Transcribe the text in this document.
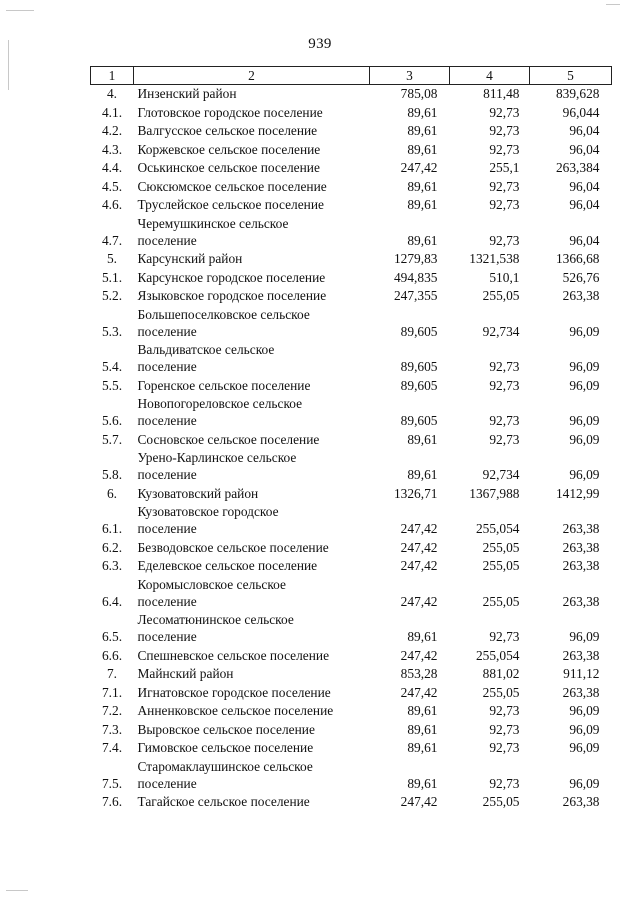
939
1	2	3	4	5
4.	Инзенский район	785,08	811,48	839,628
4.1.	Глотовское городское поселение	89,61	92,73	96,044
4.2.	Валгусское сельское поселение	89,61	92,73	96,04
4.3.	Коржевское сельское поселение	89,61	92,73	96,04
4.4.	Оськинское сельское поселение	247,42	255,1	263,384
4.5.	Сюксюмское сельское поселение	89,61	92,73	96,04
4.6.	Труслейское сельское поселение	89,61	92,73	96,04
4.7.	Черемушкинское сельское
поселение	89,61	92,73	96,04
5.	Карсунский район	1279,83	1321,538	1366,68
5.1.	Карсунское городское поселение	494,835	510,1	526,76
5.2.	Языковское городское поселение	247,355	255,05	263,38
5.3.	Большепоселковское сельское
поселение	89,605	92,734	96,09
5.4.	Вальдиватское сельское
поселение	89,605	92,73	96,09
5.5.	Горенское сельское поселение	89,605	92,73	96,09
5.6.	Новопогореловское сельское
поселение	89,605	92,73	96,09
5.7.	Сосновское сельское поселение	89,61	92,73	96,09
5.8.	Урено-Карлинское сельское
поселение	89,61	92,734	96,09
6.	Кузоватовский район	1326,71	1367,988	1412,99
6.1.	Кузоватовское городское
поселение	247,42	255,054	263,38
6.2.	Безводовское сельское поселение	247,42	255,05	263,38
6.3.	Еделевское сельское поселение	247,42	255,05	263,38
6.4.	Коромысловское сельское
поселение	247,42	255,05	263,38
6.5.	Лесоматюнинское сельское
поселение	89,61	92,73	96,09
6.6.	Спешневское сельское поселение	247,42	255,054	263,38
7.	Майнский район	853,28	881,02	911,12
7.1.	Игнатовское городское поселение	247,42	255,05	263,38
7.2.	Анненковское сельское поселение	89,61	92,73	96,09
7.3.	Выровское сельское поселение	89,61	92,73	96,09
7.4.	Гимовское сельское поселение	89,61	92,73	96,09
7.5.	Старомаклаушинское сельское
поселение	89,61	92,73	96,09
7.6.	Тагайское сельское поселение	247,42	255,05	263,38
